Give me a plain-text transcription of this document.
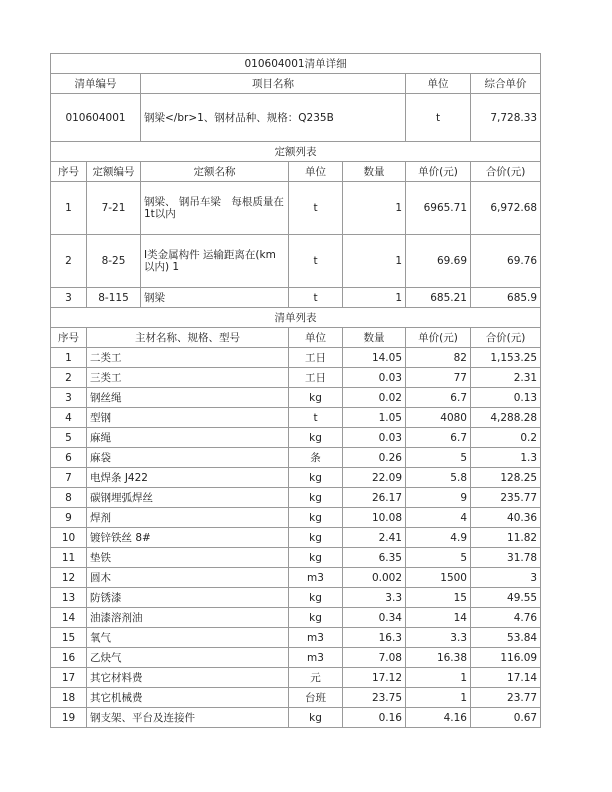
010604001清单详细						
清单编号		项目名称			单位	综合单价
010604001		钢梁</br>1、钢材品种、规格：Q235B			t	7,728.33
定额列表						
序号	定额编号	定额名称	单位	数量	单价(元)	合价(元)
1	7-21	钢梁、 钢吊车梁　每根质量在　1t以内	t	1	6965.71	6,972.68
2	8-25	Ⅰ类金属构件 运输距离在(km以内) 1	t	1	69.69	69.76
3	8-115	钢梁	t	1	685.21	685.9
清单列表						
序号	主材名称、规格、型号		单位	数量	单价(元)	合价(元)
1	二类工		工日	14.05	82	1,153.25
2	三类工		工日	0.03	77	2.31
3	钢丝绳		kg	0.02	6.7	0.13
4	型钢		t	1.05	4080	4,288.28
5	麻绳		kg	0.03	6.7	0.2
6	麻袋		条	0.26	5	1.3
7	电焊条 J422		kg	22.09	5.8	128.25
8	碳钢埋弧焊丝		kg	26.17	9	235.77
9	焊剂		kg	10.08	4	40.36
10	镀锌铁丝 8#		kg	2.41	4.9	11.82
11	垫铁		kg	6.35	5	31.78
12	圆木		m3	0.002	1500	3
13	防锈漆		kg	3.3	15	49.55
14	油漆溶剂油		kg	0.34	14	4.76
15	氧气		m3	16.3	3.3	53.84
16	乙炔气		m3	7.08	16.38	116.09
17	其它材料费		元	17.12	1	17.14
18	其它机械费		台班	23.75	1	23.77
19	钢支架、平台及连接件		kg	0.16	4.16	0.67
